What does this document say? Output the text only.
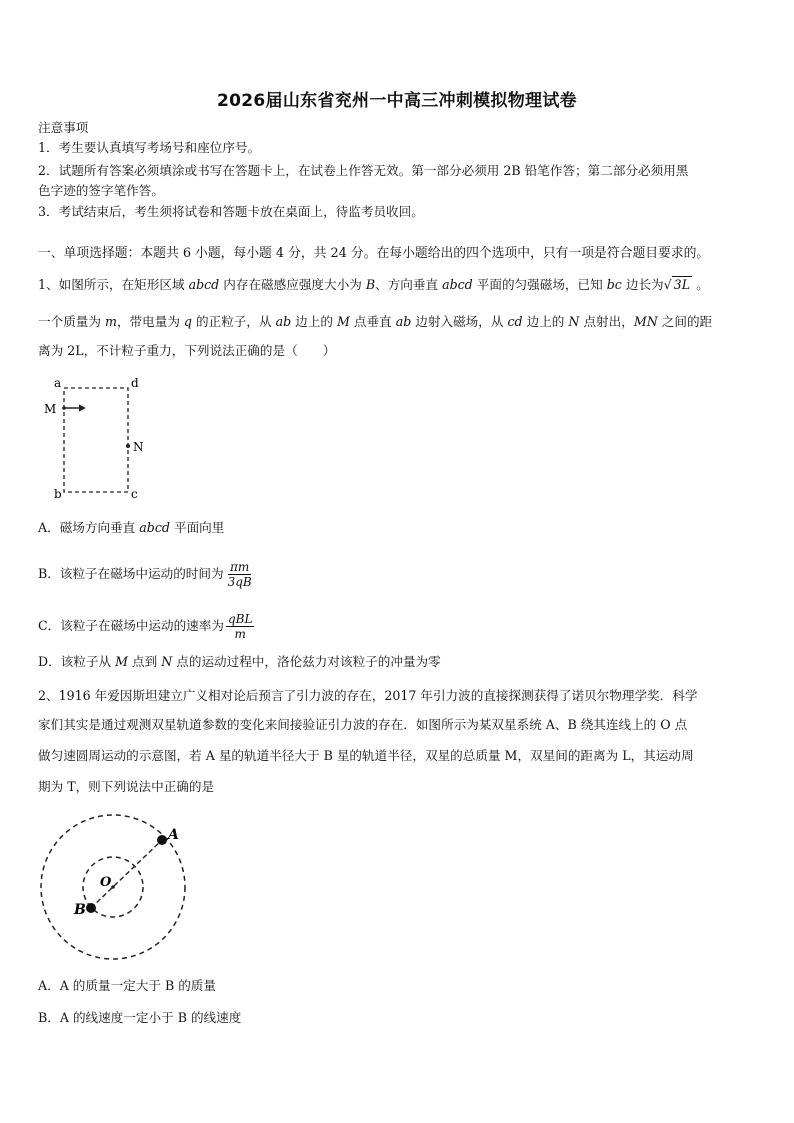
2026届山东省兖州一中高三冲刺模拟物理试卷
注意事项
1．考生要认真填写考场号和座位序号。
2．试题所有答案必须填涂或书写在答题卡上，在试卷上作答无效。第一部分必须用 2B 铅笔作答；第二部分必须用黑
色字迹的签字笔作答。
3．考试结束后，考生须将试卷和答题卡放在桌面上，待监考员收回。
一、单项选择题：本题共 6 小题，每小题 4 分，共 24 分。在每小题给出的四个选项中，只有一项是符合题目要求的。
1、如图所示，在矩形区域 abcd 内存在磁感应强度大小为 B、方向垂直 abcd 平面的匀强磁场，已知 bc 边长为√ 3L 。
一个质量为 m，带电量为 q 的正粒子，从 ab 边上的 M 点垂直 ab 边射入磁场，从 cd 边上的 N 点射出，MN 之间的距
离为 2L，不计粒子重力，下列说法正确的是（　　）
a	d
M
N
b	c
A．磁场方向垂直 abcd 平面向里
B．该粒子在磁场中运动的时间为 $\frac{\pi m}{3qB}$
C．该粒子在磁场中运动的速率为 $\frac{\text{qBL}}{m}$
D．该粒子从 M 点到 N 点的运动过程中，洛伦兹力对该粒子的冲量为零
2、1916 年爱因斯坦建立广义相对论后预言了引力波的存在，2017 年引力波的直接探测获得了诺贝尔物理学奖．科学
家们其实是通过观测双星轨道参数的变化来间接验证引力波的存在．如图所示为某双星系统 A、B 绕其连线上的 O 点
做匀速圆周运动的示意图，若 A 星的轨道半径大于 B 星的轨道半径，双星的总质量 M，双星间的距离为 L，其运动周
期为 T，则下列说法中正确的是
A
O
B
A．A 的质量一定大于 B 的质量
B．A 的线速度一定小于 B 的线速度
